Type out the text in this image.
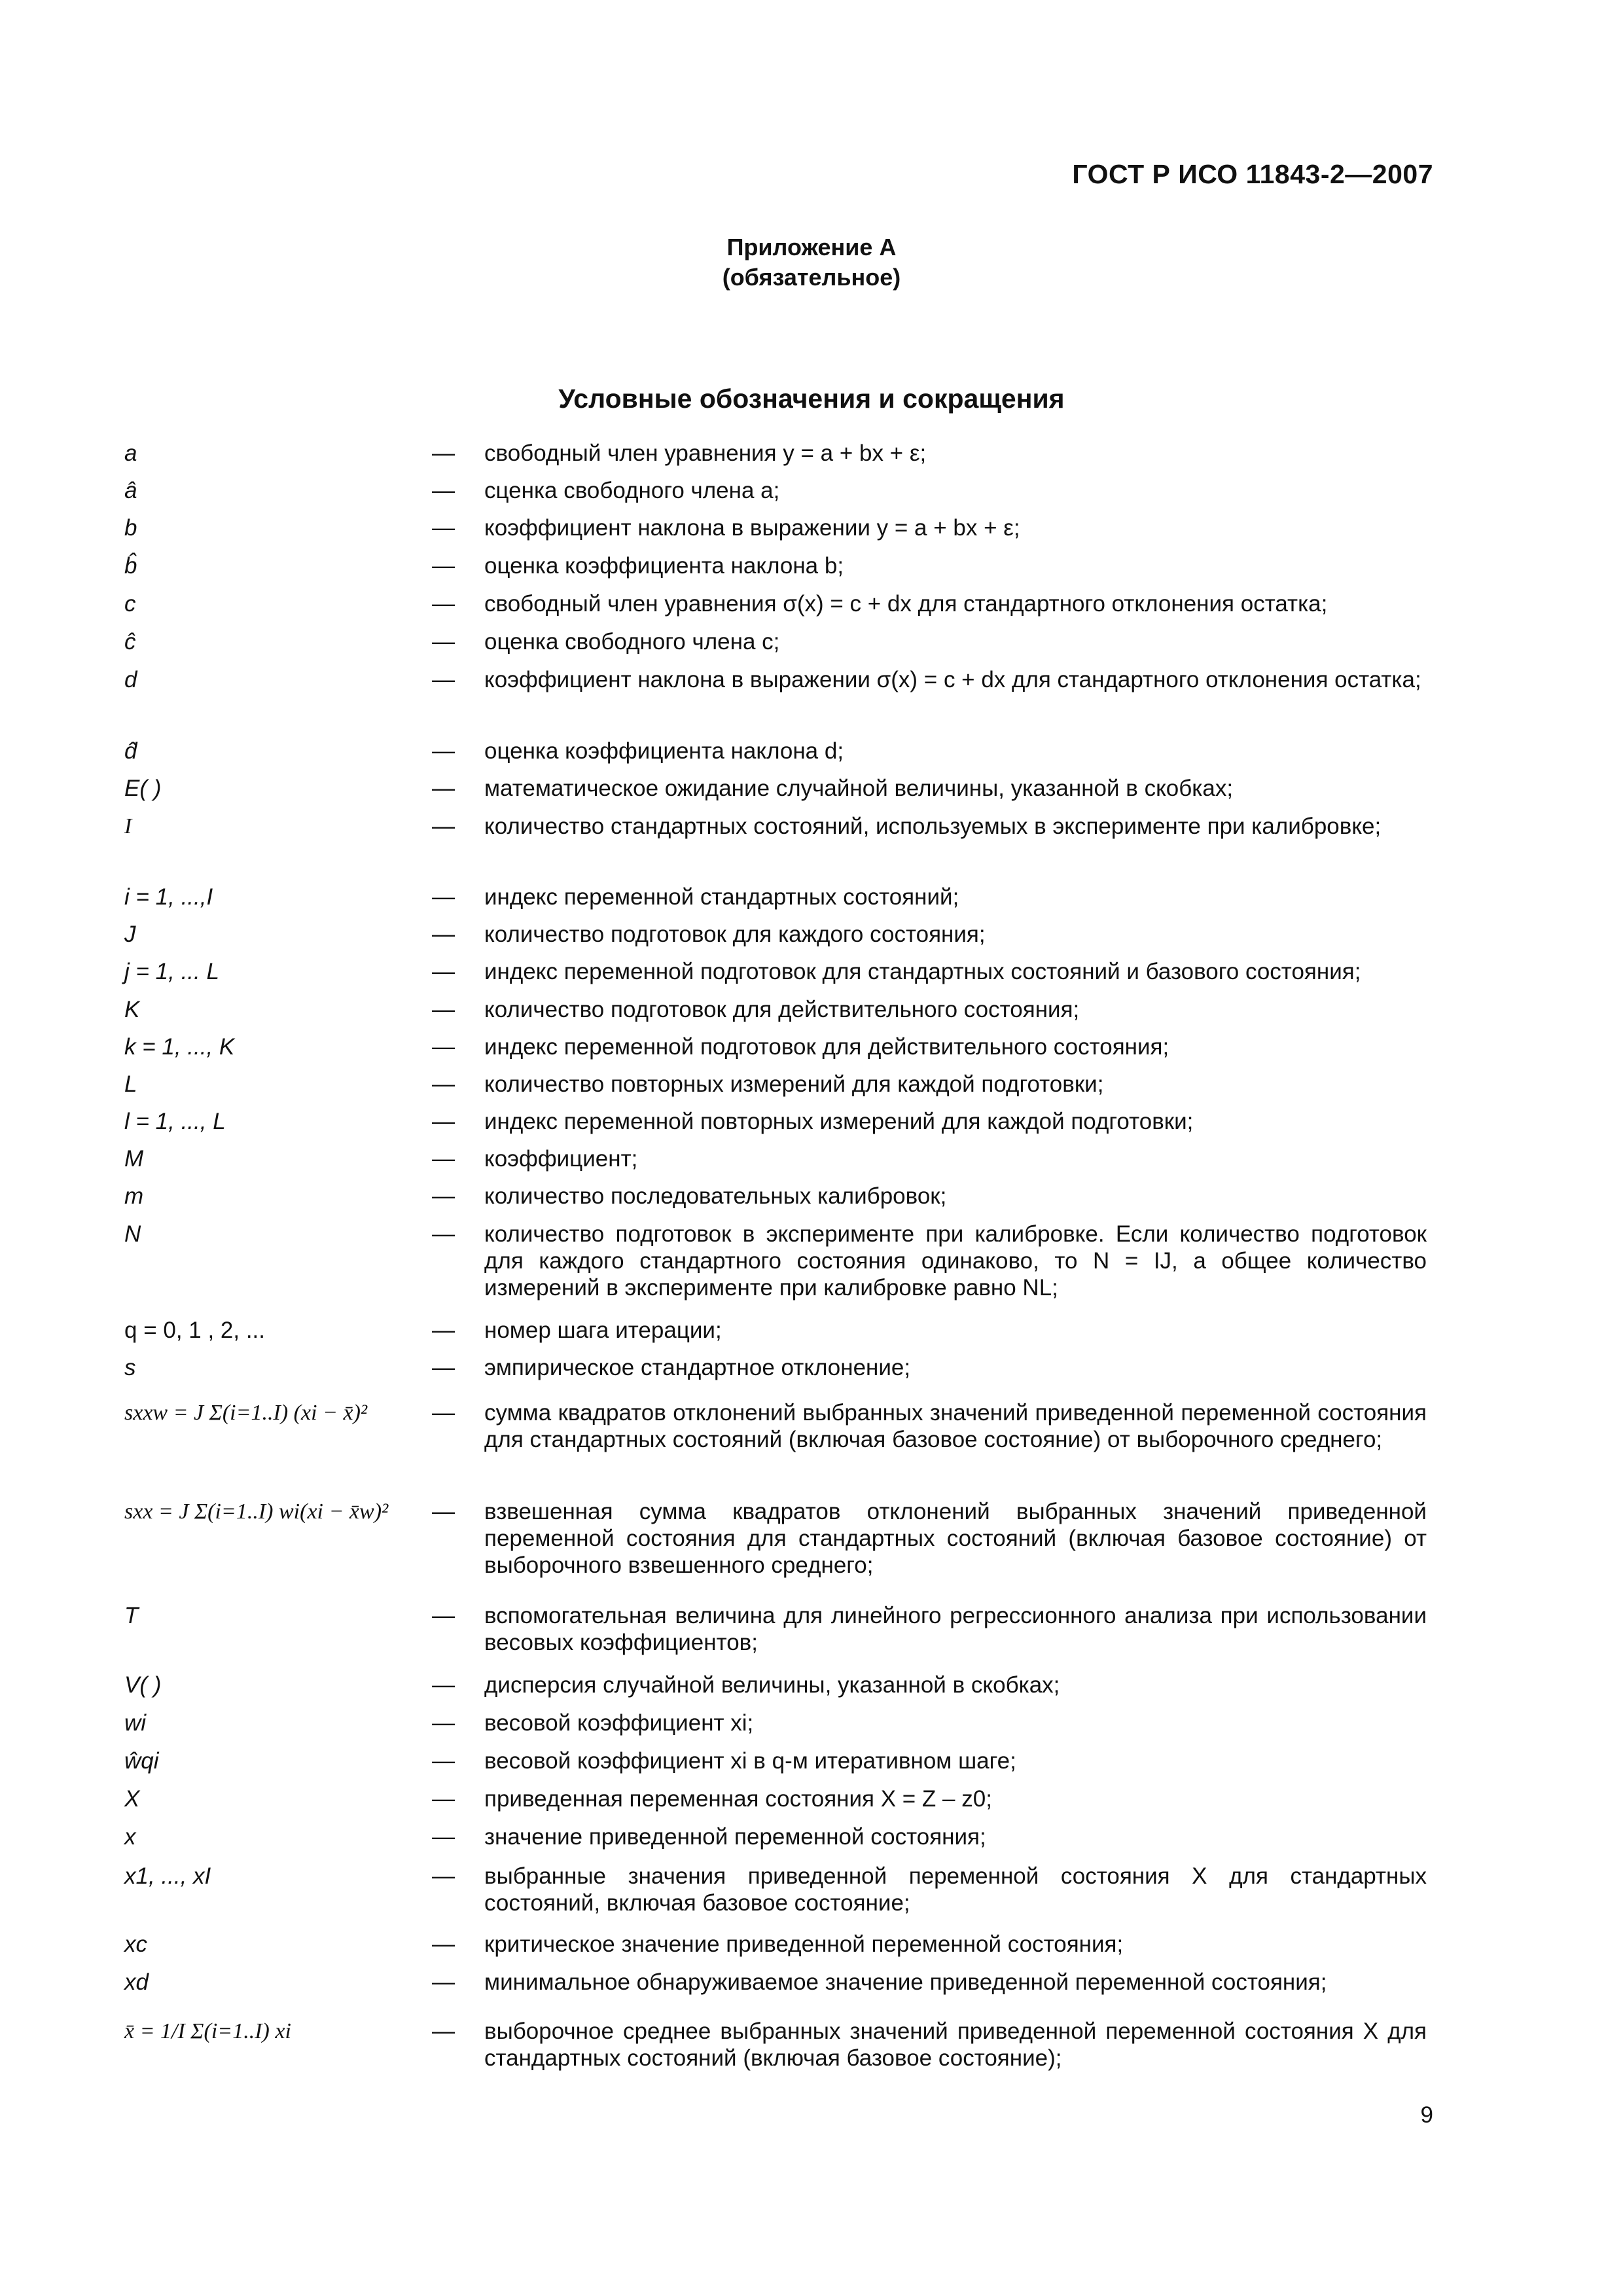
ГОСТ Р ИСО 11843-2—2007
Приложение А
(обязательное)
Условные обозначения и сокращения
a	—	свободный член уравнения y = a + bx + ε;
â	—	сценка свободного члена a;
b	—	коэффициент наклона в выражении y = a + bx + ε;
b̂	—	оценка коэффициента наклона b;
c	—	свободный член уравнения σ(x) = c + dx для стандартного отклонения остатка;
ĉ	—	оценка свободного члена c;
d	—	коэффициент наклона в выражении σ(x) = c + dx для стандартного отклонения остатка;
d̂	—	оценка коэффициента наклона d;
E( )	—	математическое ожидание случайной величины, указанной в скобках;
I	—	количество стандартных состояний, используемых в эксперименте при калибровке;
i = 1, ...,I	—	индекс переменной стандартных состояний;
J	—	количество подготовок для каждого состояния;
j = 1, ... L	—	индекс переменной подготовок для стандартных состояний и базового состояния;
K	—	количество подготовок для действительного состояния;
k = 1, ..., K	—	индекс переменной подготовок для действительного состояния;
L	—	количество повторных измерений для каждой подготовки;
l = 1, ..., L	—	индекс переменной повторных измерений для каждой подготовки;
M	—	коэффициент;
m	—	количество последовательных калибровок;
N	—	количество подготовок в эксперименте при калибровке. Если количество подготовок для каждого стандартного состояния одинаково, то N = IJ, а общее количество измерений в эксперименте при калибровке равно NL;
q = 0, 1 , 2, ...	—	номер шага итерации;
s	—	эмпирическое стандартное отклонение;
sxxw = J Σ(i=1..I) (xi − x̄)²	—	сумма квадратов отклонений выбранных значений приведенной переменной состояния для стандартных состояний (включая базовое состояние) от выборочного среднего;
sxx = J Σ(i=1..I) wi(xi − x̄w)²	—	взвешенная сумма квадратов отклонений выбранных значений приведенной переменной состояния для стандартных состояний (включая базовое состояние) от выборочного взвешенного среднего;
T	—	вспомогательная величина для линейного регрессионного анализа при использовании весовых коэффициентов;
V( )	—	дисперсия случайной величины, указанной в скобках;
wi	—	весовой коэффициент xi;
ŵqi	—	весовой коэффициент xi в q-м итеративном шаге;
X	—	приведенная переменная состояния X = Z – z0;
x	—	значение приведенной переменной состояния;
x1, ..., xI	—	выбранные значения приведенной переменной состояния X для стандартных состояний, включая базовое состояние;
xc	—	критическое значение приведенной переменной состояния;
xd	—	минимальное обнаруживаемое значение приведенной переменной состояния;
x̄ = 1/I Σ(i=1..I) xi	—	выборочное среднее выбранных значений приведенной переменной состояния X для стандартных состояний (включая базовое состояние);
9
